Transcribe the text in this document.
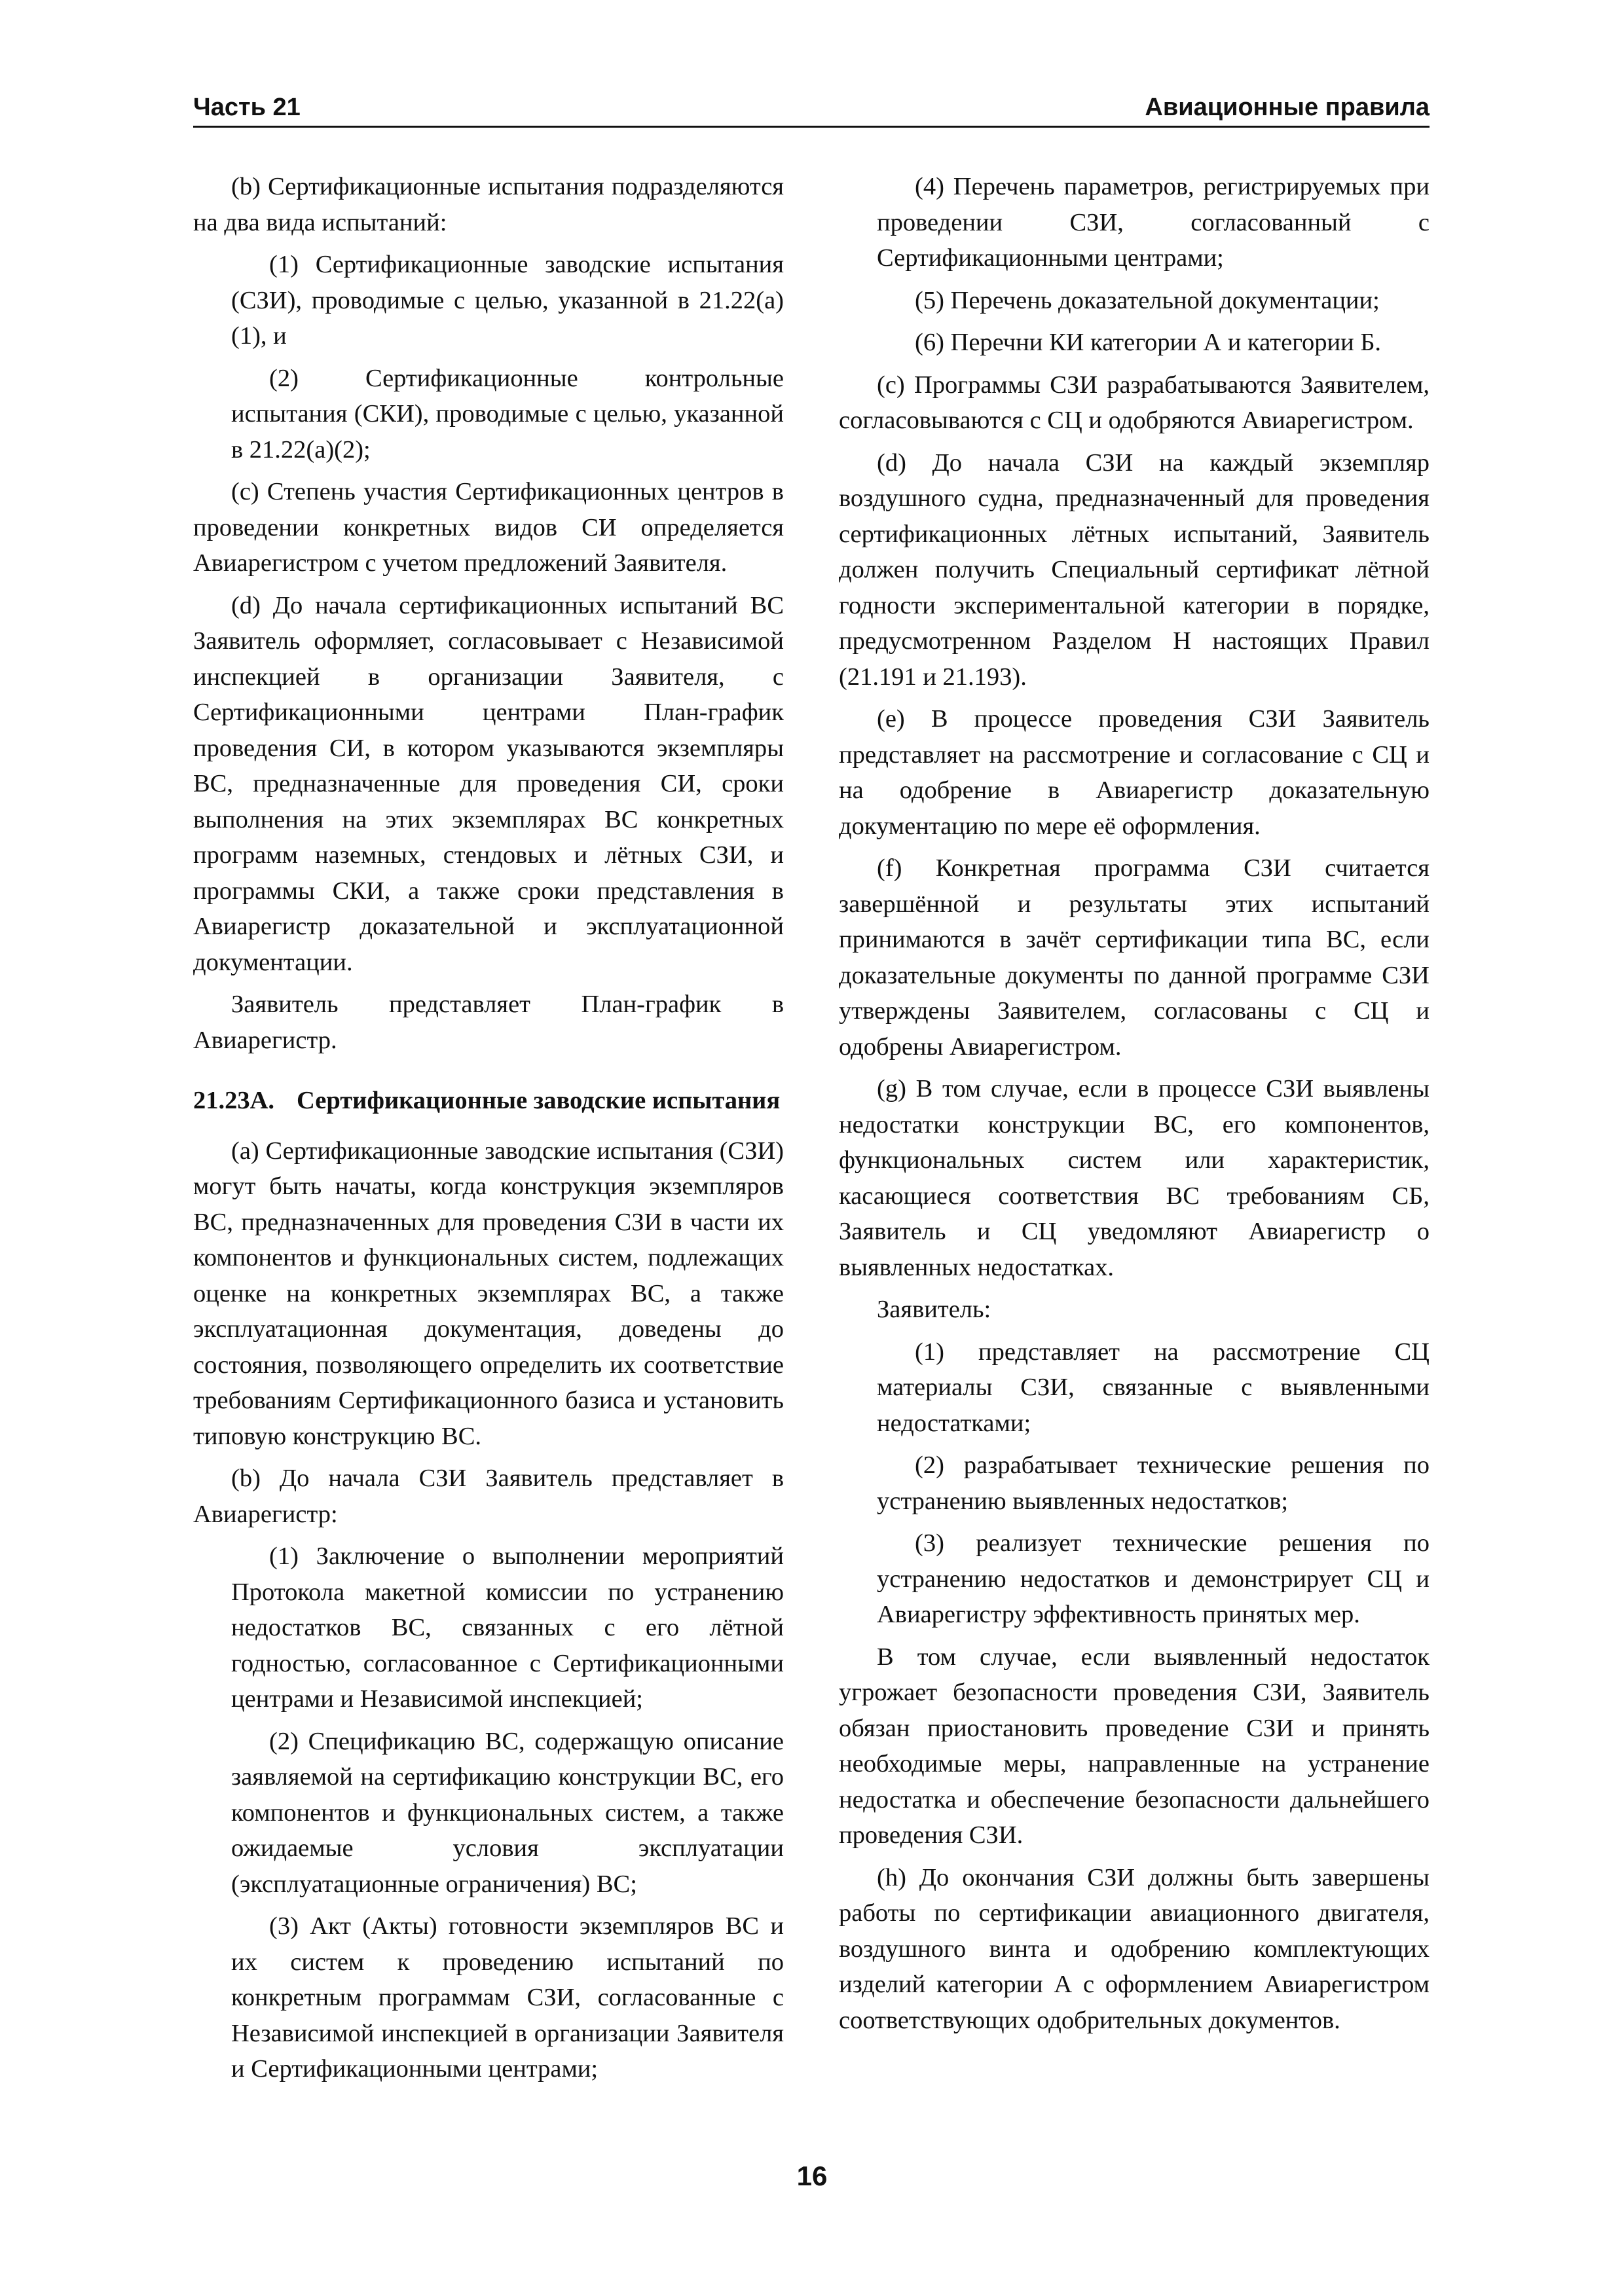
Часть 21	Авиационные правила

(b) Сертификационные испытания подразделяются на два вида испытаний:

(1) Сертификационные заводские испытания (СЗИ), проводимые с целью, указанной в 21.22(a)(1), и

(2) Сертификационные контрольные испытания (СКИ), проводимые с целью, указанной в 21.22(a)(2);

(c) Степень участия Сертификационных центров в проведении конкретных видов СИ определяется Авиарегистром с учетом предложений Заявителя.

(d) До начала сертификационных испытаний ВС Заявитель оформляет, согласовывает с Независимой инспекцией в организации Заявителя, с Сертификационными центрами План-график проведения СИ, в котором указываются экземпляры ВС, предназначенные для проведения СИ, сроки выполнения на этих экземплярах ВС конкретных программ наземных, стендовых и лётных СЗИ, и программы СКИ, а также сроки представления в Авиарегистр доказательной и эксплуатационной документации.

Заявитель представляет План-график в Авиарегистр.

21.23А. Сертификационные заводские испытания

(a) Сертификационные заводские испытания (СЗИ) могут быть начаты, когда конструкция экземпляров ВС, предназначенных для проведения СЗИ в части их компонентов и функциональных систем, подлежащих оценке на конкретных экземплярах ВС, а также эксплуатационная документация, доведены до состояния, позволяющего определить их соответствие требованиям Сертификационного базиса и установить типовую конструкцию ВС.

(b) До начала СЗИ Заявитель представляет в Авиарегистр:

(1) Заключение о выполнении мероприятий Протокола макетной комиссии по устранению недостатков ВС, связанных с его лётной годностью, согласованное с Сертификационными центрами и Независимой инспекцией;

(2) Спецификацию ВС, содержащую описание заявляемой на сертификацию конструкции ВС, его компонентов и функциональных систем, а также ожидаемые условия эксплуатации (эксплуатационные ограничения) ВС;

(3) Акт (Акты) готовности экземпляров ВС и их систем к проведению испытаний по конкретным программам СЗИ, согласованные с Независимой инспекцией в организации Заявителя и Сертификационными центрами;

(4) Перечень параметров, регистрируемых при проведении СЗИ, согласованный с Сертификационными центрами;

(5) Перечень доказательной документации;

(6) Перечни КИ категории А и категории Б.

(c) Программы СЗИ разрабатываются Заявителем, согласовываются с СЦ и одобряются Авиарегистром.

(d) До начала СЗИ на каждый экземпляр воздушного судна, предназначенный для проведения сертификационных лётных испытаний, Заявитель должен получить Специальный сертификат лётной годности экспериментальной категории в порядке, предусмотренном Разделом Н настоящих Правил (21.191 и 21.193).

(e) В процессе проведения СЗИ Заявитель представляет на рассмотрение и согласование с СЦ и на одобрение в Авиарегистр доказательную документацию по мере её оформления.

(f) Конкретная программа СЗИ считается завершённой и результаты этих испытаний принимаются в зачёт сертификации типа ВС, если доказательные документы по данной программе СЗИ утверждены Заявителем, согласованы с СЦ и одобрены Авиарегистром.

(g) В том случае, если в процессе СЗИ выявлены недостатки конструкции ВС, его компонентов, функциональных систем или характеристик, касающиеся соответствия ВС требованиям СБ, Заявитель и СЦ уведомляют Авиарегистр о выявленных недостатках.

Заявитель:

(1) представляет на рассмотрение СЦ материалы СЗИ, связанные с выявленными недостатками;

(2) разрабатывает технические решения по устранению выявленных недостатков;

(3) реализует технические решения по устранению недостатков и демонстрирует СЦ и Авиарегистру эффективность принятых мер.

В том случае, если выявленный недостаток угрожает безопасности проведения СЗИ, Заявитель обязан приостановить проведение СЗИ и принять необходимые меры, направленные на устранение недостатка и обеспечение безопасности дальнейшего проведения СЗИ.

(h) До окончания СЗИ должны быть завершены работы по сертификации авиационного двигателя, воздушного винта и одобрению комплектующих изделий категории А с оформлением Авиарегистром соответствующих одобрительных документов.

16
